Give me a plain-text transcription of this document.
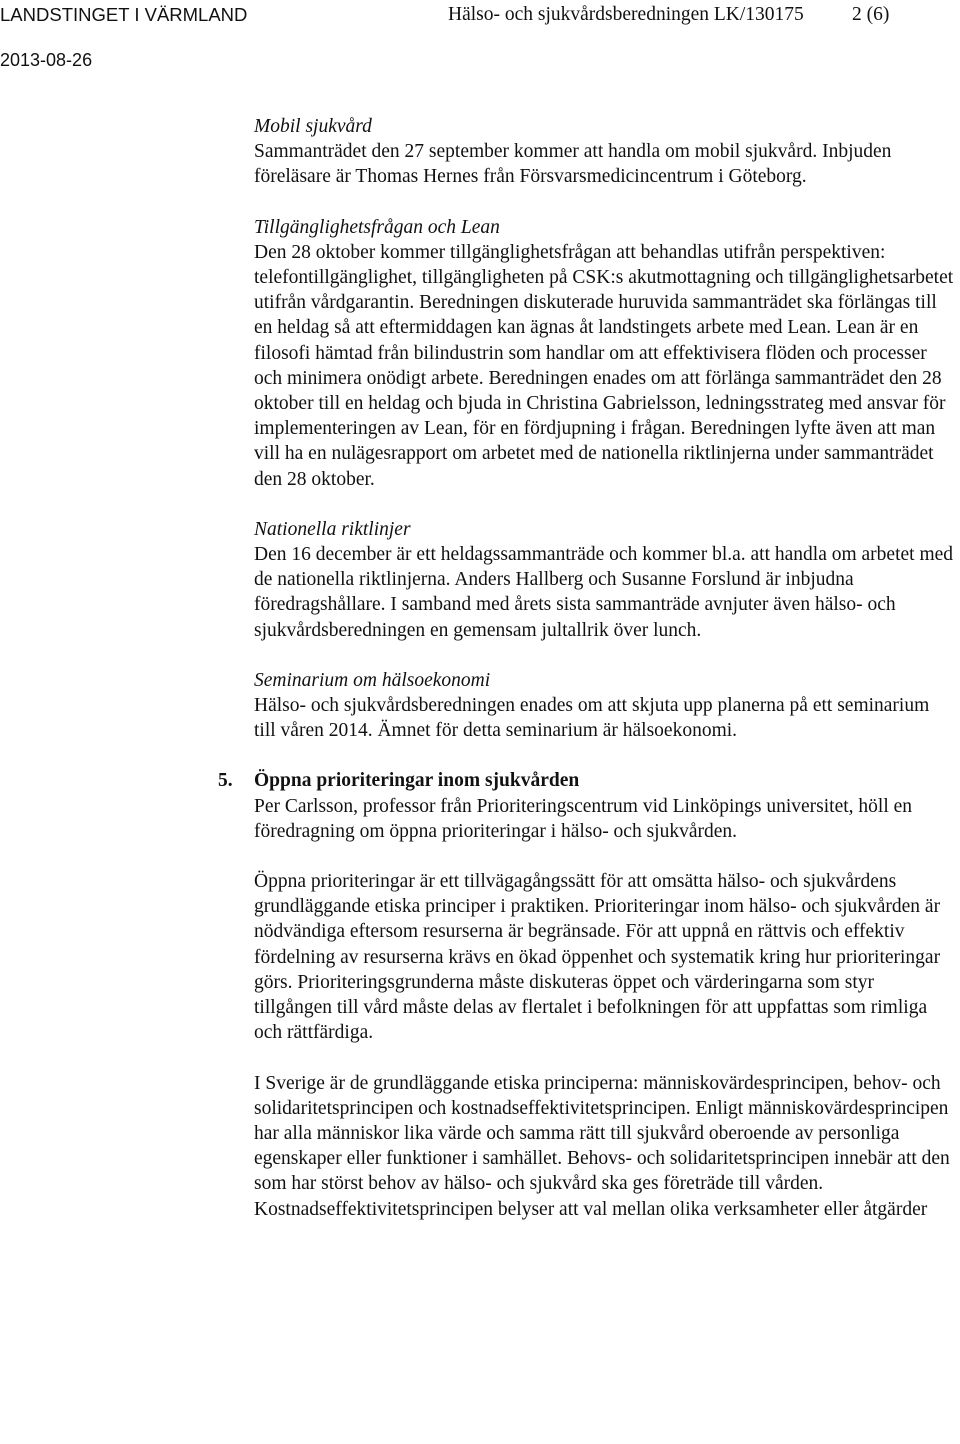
LANDSTINGET I VÄRMLAND	Hälso- och sjukvårdsberedningen LK/130175 2 (6)
2013-08-26

Mobil sjukvård

Sammanträdet den 27 september kommer att handla om mobil sjukvård. Inbjuden föreläsare är Thomas Hernes från Försvarsmedicincentrum i Göteborg.

Tillgänglighetsfrågan och Lean

Den 28 oktober kommer tillgänglighetsfrågan att behandlas utifrån perspektiven: telefontillgänglighet, tillgängligheten på CSK:s akutmottagning och tillgänglighetsarbetet utifrån vårdgarantin. Beredningen diskuterade huruvida sammanträdet ska förlängas till en heldag så att eftermiddagen kan ägnas åt landstingets arbete med Lean. Lean är en filosofi hämtad från bilindustrin som handlar om att effektivisera flöden och processer och minimera onödigt arbete. Beredningen enades om att förlänga sammanträdet den 28 oktober till en heldag och bjuda in Christina Gabrielsson, ledningsstrateg med ansvar för implementeringen av Lean, för en fördjupning i frågan. Beredningen lyfte även att man vill ha en nulägesrapport om arbetet med de nationella riktlinjerna under sammanträdet den 28 oktober.

Nationella riktlinjer

Den 16 december är ett heldagssammanträde och kommer bl.a. att handla om arbetet med de nationella riktlinjerna. Anders Hallberg och Susanne Forslund är inbjudna föredragshållare. I samband med årets sista sammanträde avnjuter även hälso- och sjukvårdsberedningen en gemensam jultallrik över lunch.

Seminarium om hälsoekonomi

Hälso- och sjukvårdsberedningen enades om att skjuta upp planerna på ett seminarium till våren 2014. Ämnet för detta seminarium är hälsoekonomi.

5. Öppna prioriteringar inom sjukvården

Per Carlsson, professor från Prioriteringscentrum vid Linköpings universitet, höll en föredragning om öppna prioriteringar i hälso- och sjukvården.

Öppna prioriteringar är ett tillvägagångssätt för att omsätta hälso- och sjukvårdens grundläggande etiska principer i praktiken. Prioriteringar inom hälso- och sjukvården är nödvändiga eftersom resurserna är begränsade. För att uppnå en rättvis och effektiv fördelning av resurserna krävs en ökad öppenhet och systematik kring hur prioriteringar görs. Prioriteringsgrunderna måste diskuteras öppet och värderingarna som styr tillgången till vård måste delas av flertalet i befolkningen för att uppfattas som rimliga och rättfärdiga.

I Sverige är de grundläggande etiska principerna: människovärdesprincipen, behov- och solidaritetsprincipen och kostnadseffektivitetsprincipen. Enligt människovärdesprincipen har alla människor lika värde och samma rätt till sjukvård oberoende av personliga egenskaper eller funktioner i samhället. Behovs- och solidaritetsprincipen innebär att den som har störst behov av hälso- och sjukvård ska ges företräde till vården. Kostnadseffektivitetsprincipen belyser att val mellan olika verksamheter eller åtgärder
